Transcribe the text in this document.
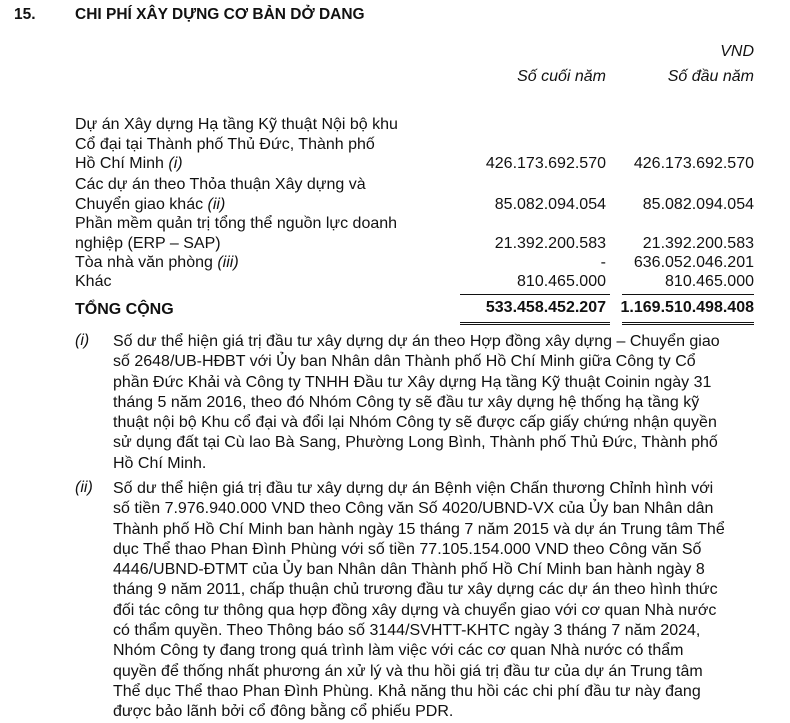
15.	CHI PHÍ XÂY DỰNG CƠ BẢN DỞ DANG
VND
Số cuối năm	Số đầu năm
Dự án Xây dựng Hạ tầng Kỹ thuật Nội bộ khu
Cổ đại tại Thành phố Thủ Đức, Thành phố
Hồ Chí Minh (i)	426.173.692.570 426.173.692.570
Các dự án theo Thỏa thuận Xây dựng và
Chuyển giao khác (ii)	85.082.094.054 85.082.094.054
Phần mềm quản trị tổng thể nguồn lực doanh
nghiệp (ERP – SAP)	21.392.200.583 21.392.200.583
Tòa nhà văn phòng (iii)	- 636.052.046.201
Khác	810.465.000	810.465.000
TỔNG CỘNG	533.458.452.207 1.169.510.498.408
(i) Số dư thể hiện giá trị đầu tư xây dựng dự án theo Hợp đồng xây dựng – Chuyển giao
số 2648/UB-HĐBT với Ủy ban Nhân dân Thành phố Hồ Chí Minh giữa Công ty Cổ
phần Đức Khải và Công ty TNHH Đầu tư Xây dựng Hạ tầng Kỹ thuật Coinin ngày 31
tháng 5 năm 2016, theo đó Nhóm Công ty sẽ đầu tư xây dựng hệ thống hạ tầng kỹ
thuật nội bộ Khu cổ đại và đổi lại Nhóm Công ty sẽ được cấp giấy chứng nhận quyền
sử dụng đất tại Cù lao Bà Sang, Phường Long Bình, Thành phố Thủ Đức, Thành phố
Hồ Chí Minh.
(ii) Số dư thể hiện giá trị đầu tư xây dựng dự án Bệnh viện Chấn thương Chỉnh hình với
số tiền 7.976.940.000 VND theo Công văn Số 4020/UBND-VX của Ủy ban Nhân dân
Thành phố Hồ Chí Minh ban hành ngày 15 tháng 7 năm 2015 và dự án Trung tâm Thể
dục Thể thao Phan Đình Phùng với số tiền 77.105.154.000 VND theo Công văn Số
4446/UBND-ĐTMT của Ủy ban Nhân dân Thành phố Hồ Chí Minh ban hành ngày 8
tháng 9 năm 2011, chấp thuận chủ trương đầu tư xây dựng các dự án theo hình thức
đối tác công tư thông qua hợp đồng xây dựng và chuyển giao với cơ quan Nhà nước
có thẩm quyền. Theo Thông báo số 3144/SVHTT-KHTC ngày 3 tháng 7 năm 2024,
Nhóm Công ty đang trong quá trình làm việc với các cơ quan Nhà nước có thẩm
quyền để thống nhất phương án xử lý và thu hồi giá trị đầu tư của dự án Trung tâm
Thể dục Thể thao Phan Đình Phùng. Khả năng thu hồi các chi phí đầu tư này đang
được bảo lãnh bởi cổ đông bằng cổ phiếu PDR.
